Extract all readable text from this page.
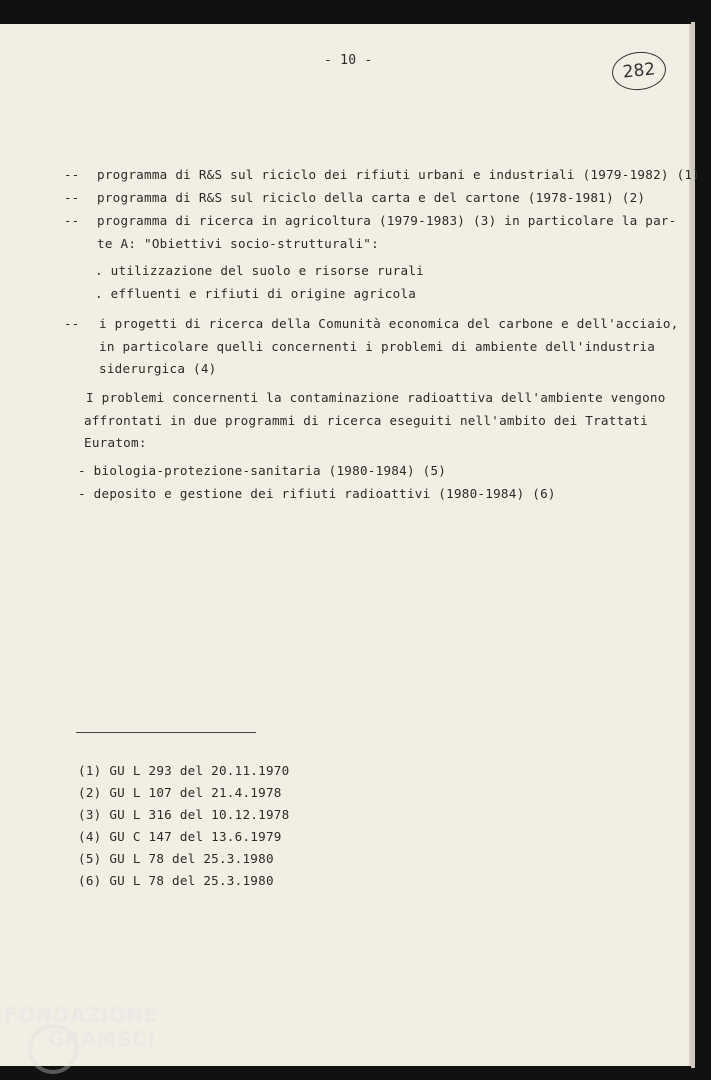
- 10 -	282
-- programma di R&S sul riciclo dei rifiuti urbani e industriali (1979-1982) (1)
-- programma di R&S sul riciclo della carta e del cartone (1978-1981) (2)
-- programma di ricerca in agricoltura (1979-1983) (3) in particolare la par-
te A: "Obiettivi socio-strutturali":
. utilizzazione del suolo e risorse rurali
. effluenti e rifiuti di origine agricola
-- i progetti di ricerca della Comunità economica del carbone e dell'acciaio,
in particolare quelli concernenti i problemi di ambiente dell'industria
siderurgica (4)
I problemi concernenti la contaminazione radioattiva dell'ambiente vengono
affrontati in due programmi di ricerca eseguiti nell'ambito dei Trattati
Euratom:
- biologia-protezione-sanitaria (1980-1984) (5)
- deposito e gestione dei rifiuti radioattivi (1980-1984) (6)
(1) GU L 293 del 20.11.1970
(2) GU L 107 del 21.4.1978
(3) GU L 316 del 10.12.1978
(4) GU C 147 del 13.6.1979
(5) GU L 78 del 25.3.1980
(6) GU L 78 del 25.3.1980
FONDAZIONE
GRAMSCI
